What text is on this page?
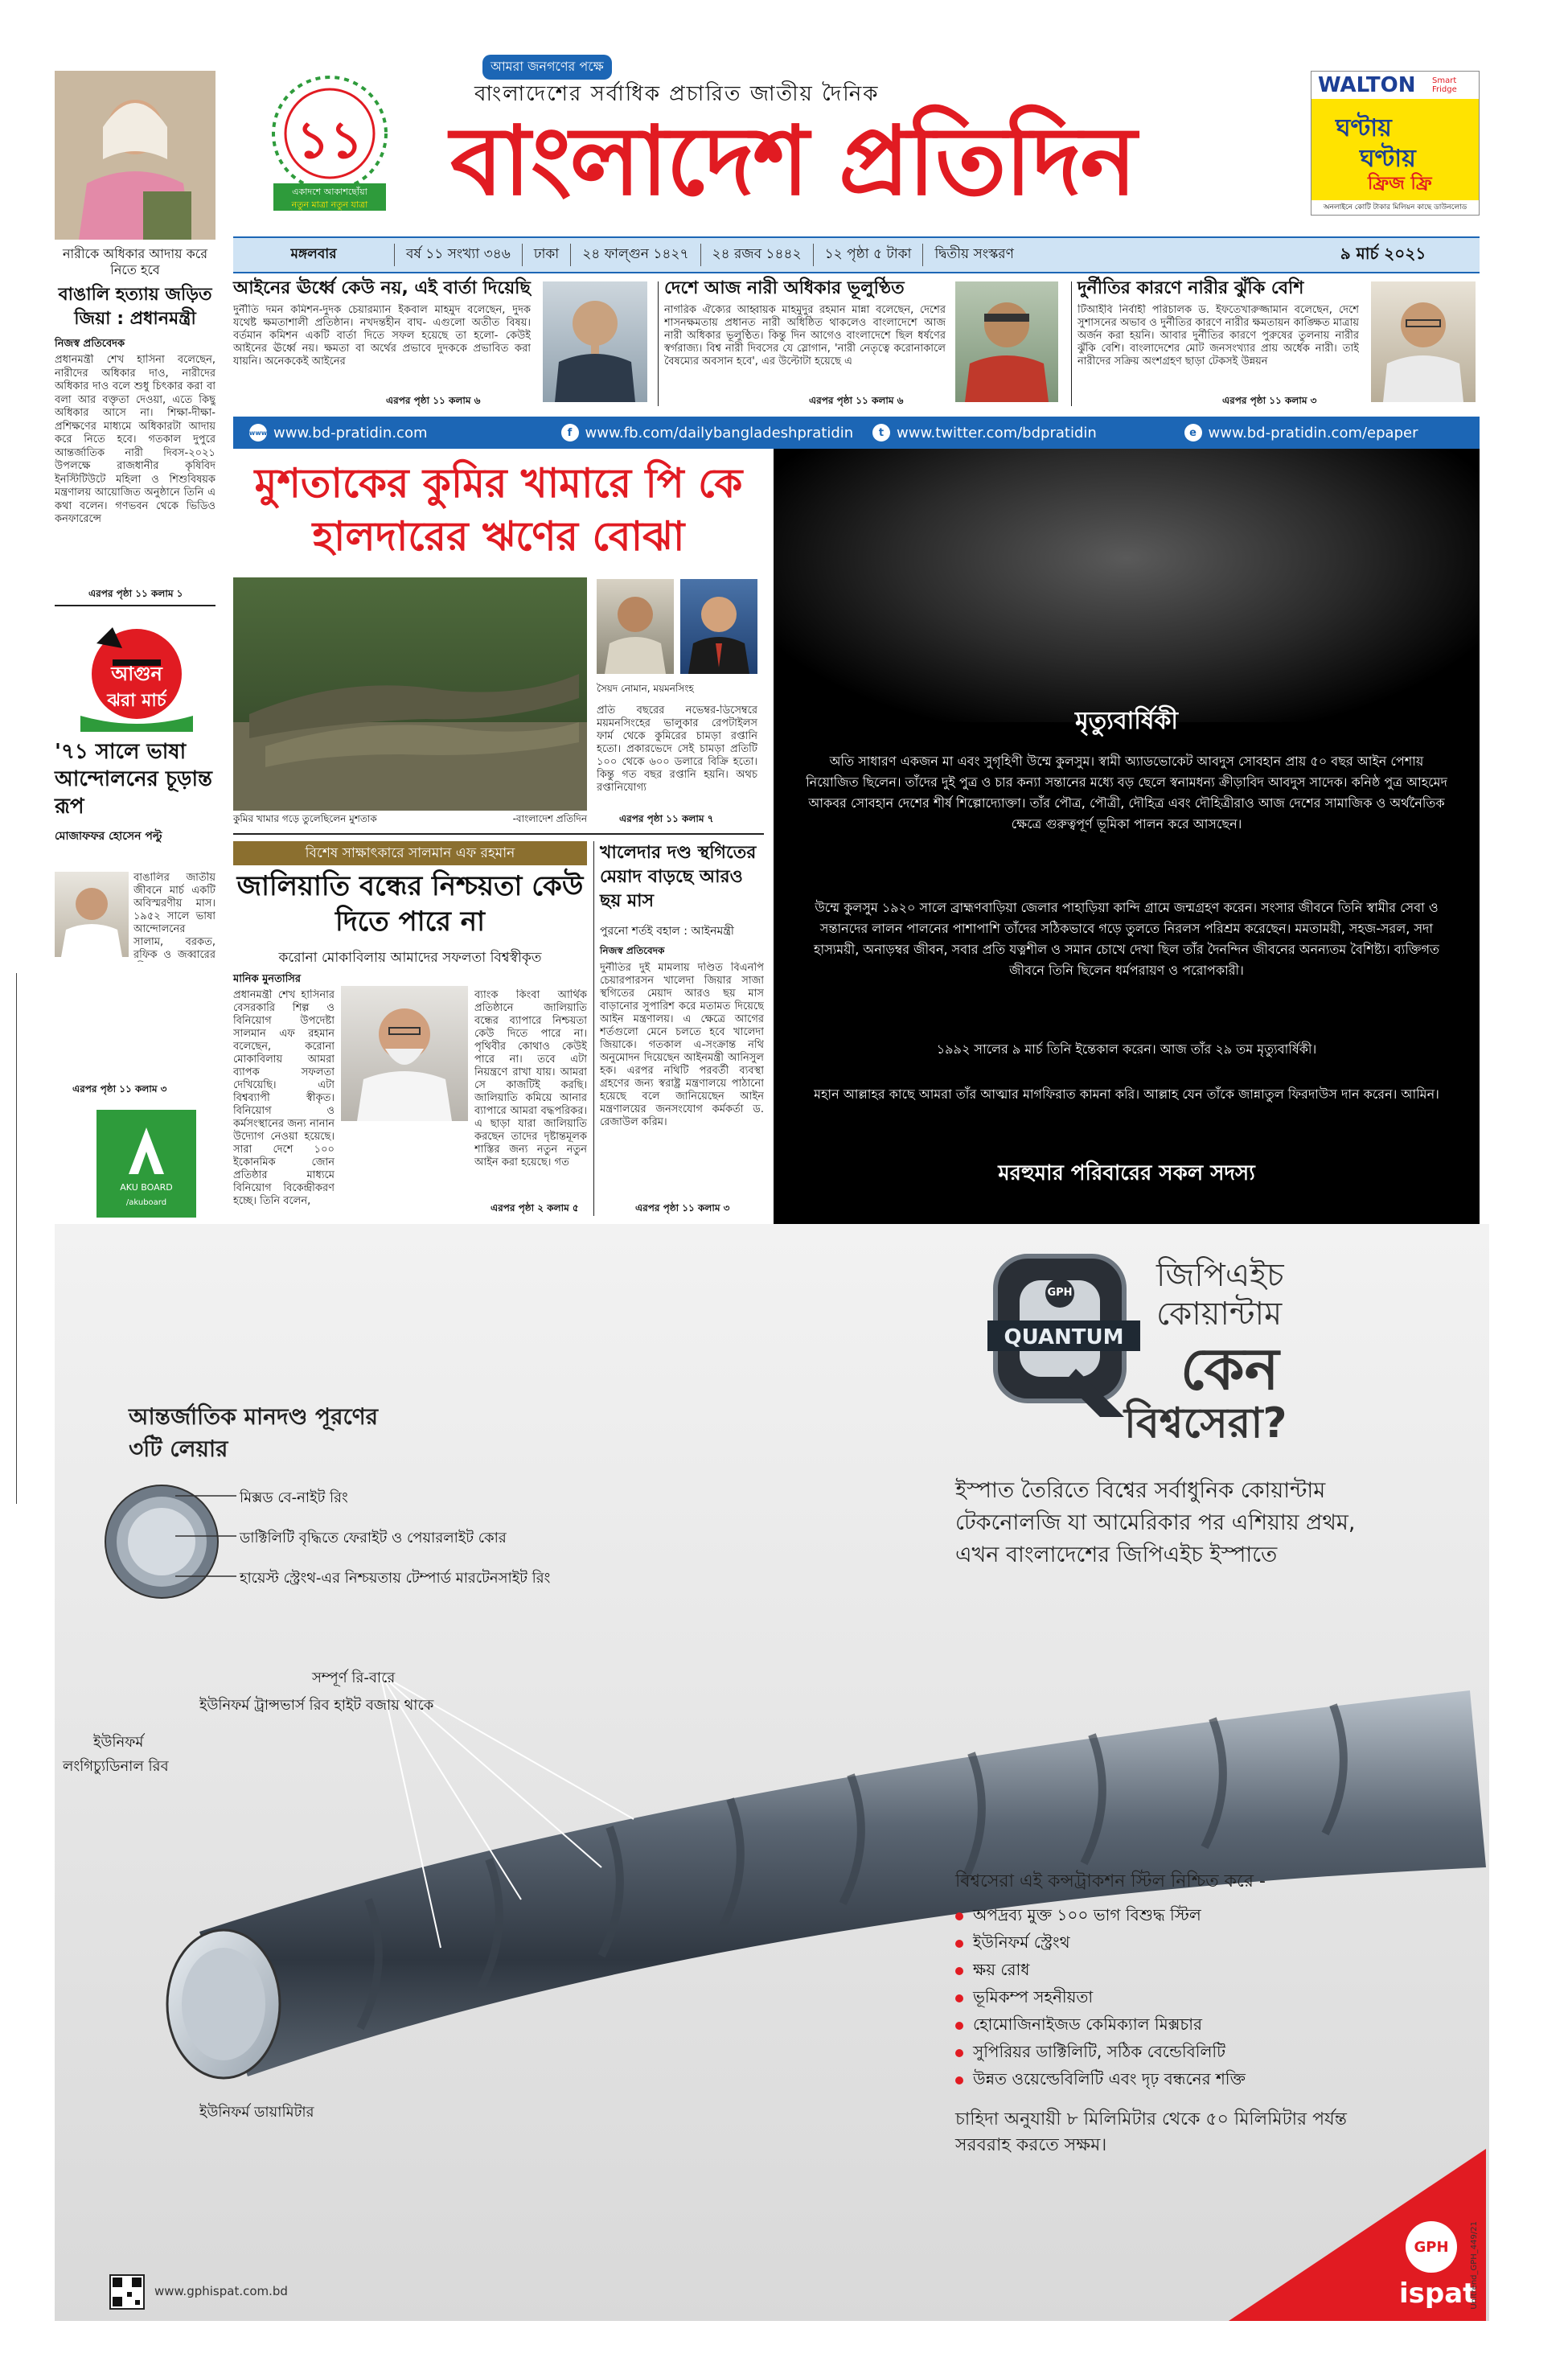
১১
একাদশে আকাশছোঁয়া
নতুন মাত্রা নতুন যাত্রা
আমরা জনগণের পক্ষে
বাংলাদেশের সর্বাধিক প্রচারিত জাতীয় দৈনিক
বাংলাদেশ প্রতিদিন
WALTON Smart Fridge
ঘণ্টায়
ঘণ্টায়
ফ্রিজ ফ্রি
অনলাইনে কোটি টাকার মিলিয়ন কাছে ডাউনলোড
মঙ্গলবার	বর্ষ ১১ সংখ্যা ৩৪৬	ঢাকা	২৪ ফাল্গুন ১৪২৭	২৪ রজব ১৪৪২	১২ পৃষ্ঠা ৫ টাকা	দ্বিতীয় সংস্করণ	৯ মার্চ ২০২১
আইনের ঊর্ধ্বে কেউ নয়, এই বার্তা দিয়েছি
দুর্নীতি দমন কমিশন-দুদক চেয়ারম্যান ইকবাল মাহমুদ বলেছেন, দুদক যথেষ্ট ক্ষমতাশালী প্রতিষ্ঠান। নখদন্তহীন বাঘ- এগুলো অতীত বিষয়। বর্তমান কমিশন একটি বার্তা দিতে সফল হয়েছে তা হলো- কেউই আইনের ঊর্ধ্বে নয়। ক্ষমতা বা অর্থের প্রভাবে দুদককে প্রভাবিত করা যায়নি। অনেককেই আইনের
এরপর পৃষ্ঠা ১১ কলাম ৬
দেশে আজ নারী অধিকার ভূলুণ্ঠিত
নাগরিক ঐক্যের আহ্বায়ক মাহমুদুর রহমান মান্না বলেছেন, দেশের শাসনক্ষমতায় প্রধানত নারী অধিষ্ঠিত থাকলেও বাংলাদেশে আজ নারী অধিকার ভূলুণ্ঠিত। কিন্তু দিন আগেও বাংলাদেশে ছিল ধর্ষণের স্বর্গরাজ্য। বিশ্ব নারী দিবসের যে স্লোগান, 'নারী নেতৃত্বে করোনাকালে বৈষম্যের অবসান হবে', এর উল্টোটা হয়েছে এ
এরপর পৃষ্ঠা ১১ কলাম ৬
দুর্নীতির কারণে নারীর ঝুঁকি বেশি
টিআইবি নির্বাহী পরিচালক ড. ইফতেখারুজ্জামান বলেছেন, দেশে সুশাসনের অভাব ও দুর্নীতির কারণে নারীর ক্ষমতায়ন কাঙ্ক্ষিত মাত্রায় অর্জন করা হয়নি। আবার দুর্নীতির কারণে পুরুষের তুলনায় নারীর ঝুঁকি বেশি। বাংলাদেশের মোট জনসংখ্যার প্রায় অর্ধেক নারী। তাই নারীদের সক্রিয় অংশগ্রহণ ছাড়া টেকসই উন্নয়ন
এরপর পৃষ্ঠা ১১ কলাম ৩
www www.bd-pratidin.com	f www.fb.com/dailybangladeshpratidin	t www.twitter.com/bdpratidin	e www.bd-pratidin.com/epaper
নারীকে অধিকার আদায় করে নিতে হবে
বাঙালি হত্যায় জড়িত জিয়া : প্রধানমন্ত্রী
নিজস্ব প্রতিবেদক
প্রধানমন্ত্রী শেখ হাসিনা বলেছেন, নারীদের অধিকার দাও, নারীদের অধিকার দাও বলে শুধু চিৎকার করা বা বলা আর বক্তৃতা দেওয়া, এতে কিছু অধিকার আসে না। শিক্ষা-দীক্ষা-প্রশিক্ষণের মাধ্যমে অধিকারটা আদায় করে নিতে হবে। গতকাল দুপুরে আন্তর্জাতিক নারী দিবস-২০২১ উপলক্ষে রাজধানীর কৃষিবিদ ইনস্টিটিউটে মহিলা ও শিশুবিষয়ক মন্ত্রণালয় আয়োজিত অনুষ্ঠানে তিনি এ কথা বলেন। গণভবন থেকে ভিডিও কনফারেন্সে
এরপর পৃষ্ঠা ১১ কলাম ১
আগুন
ঝরা মার্চ
'৭১ সালে ভাষা আন্দোলনের চূড়ান্ত রূপ
মোজাফফর হোসেন পল্টু
বাঙালির জাতীয় জীবনে মার্চ একটি অবিস্মরণীয় মাস। ১৯৫২ সালে ভাষা আন্দোলনের সালাম, বরকত, রফিক ও জব্বারের
এরপর পৃষ্ঠা ১১ কলাম ৩
AKU BOARD
/akuboard
মুশতাকের কুমির খামারে পি কে হালদারের ঋণের বোঝা
কুমির খামার গড়ে তুলেছিলেন মুশতাক	-বাংলাদেশ প্রতিদিন
সৈয়দ নোমান, ময়মনসিংহ
প্রতি বছরের নভেম্বর-ডিসেম্বরে ময়মনসিংহের ভালুকার রেপটাইলস ফার্ম থেকে কুমিরের চামড়া রপ্তানি হতো। প্রকারভেদে সেই চামড়া প্রতিটি ১০০ থেকে ৬০০ ডলারে বিক্রি হতো। কিন্তু গত বছর রপ্তানি হয়নি। অথচ রপ্তানিযোগ্য
এরপর পৃষ্ঠা ১১ কলাম ৭
বিশেষ সাক্ষাৎকারে সালমান এফ রহমান
জালিয়াতি বন্ধের নিশ্চয়তা কেউ দিতে পারে না
করোনা মোকাবিলায় আমাদের সফলতা বিশ্বস্বীকৃত
মানিক মুনতাসির
প্রধানমন্ত্রী শেখ হাসিনার বেসরকারি শিল্প ও বিনিয়োগ উপদেষ্টা সালমান এফ রহমান বলেছেন, করোনা মোকাবিলায় আমরা ব্যাপক সফলতা দেখিয়েছি। এটা বিশ্বব্যাপী স্বীকৃত। বিনিয়োগ ও কর্মসংস্থানের জন্য নানান উদ্যোগ নেওয়া হয়েছে। সারা দেশে ১০০ ইকোনমিক জোন প্রতিষ্ঠার মাধ্যমে বিনিয়োগ বিকেন্দ্রীকরণ হচ্ছে। তিনি বলেন,
ব্যাংক কিংবা আর্থিক প্রতিষ্ঠানে জালিয়াতি বন্ধের ব্যাপারে নিশ্চয়তা কেউ দিতে পারে না। পৃথিবীর কোথাও কেউই পারে না। তবে এটা নিয়ন্ত্রণে রাখা যায়। আমরা সে কাজটিই করছি। জালিয়াতি কমিয়ে আনার ব্যাপারে আমরা বদ্ধপরিকর। এ ছাড়া যারা জালিয়াতি করছেন তাদের দৃষ্টান্তমূলক শাস্তির জন্য নতুন নতুন আইন করা হয়েছে। গত
এরপর পৃষ্ঠা ২ কলাম ৫
খালেদার দণ্ড স্থগিতের মেয়াদ বাড়ছে আরও ছয় মাস
পুরনো শর্তই বহাল : আইনমন্ত্রী
নিজস্ব প্রতিবেদক
দুর্নীতির দুই মামলায় দণ্ডিত বিএনপি চেয়ারপারসন খালেদা জিয়ার সাজা স্থগিতের মেয়াদ আরও ছয় মাস বাড়ানোর সুপারিশ করে মতামত দিয়েছে আইন মন্ত্রণালয়। এ ক্ষেত্রে আগের শর্তগুলো মেনে চলতে হবে খালেদা জিয়াকে। গতকাল এ-সংক্রান্ত নথি অনুমোদন দিয়েছেন আইনমন্ত্রী আনিসুল হক। এরপর নথিটি পরবর্তী ব্যবস্থা গ্রহণের জন্য স্বরাষ্ট্র মন্ত্রণালয়ে পাঠানো হয়েছে বলে জানিয়েছেন আইন মন্ত্রণালয়ের জনসংযোগ কর্মকর্তা ড. রেজাউল করিম।
এরপর পৃষ্ঠা ১১ কলাম ৩
মৃত্যুবার্ষিকী
অতি সাধারণ একজন মা এবং সুগৃহিণী উম্মে কুলসুম। স্বামী অ্যাডভোকেট আবদুস সোবহান প্রায় ৫০ বছর আইন পেশায় নিয়োজিত ছিলেন। তাঁদের দুই পুত্র ও চার কন্যা সন্তানের মধ্যে বড় ছেলে স্বনামধন্য ক্রীড়াবিদ আবদুস সাদেক। কনিষ্ঠ পুত্র আহমেদ আকবর সোবহান দেশের শীর্ষ শিল্পোদ্যোক্তা। তাঁর পৌত্র, পৌত্রী, দৌহিত্র এবং দৌহিত্রীরাও আজ দেশের সামাজিক ও অর্থনৈতিক ক্ষেত্রে গুরুত্বপূর্ণ ভূমিকা পালন করে আসছেন।
উম্মে কুলসুম ১৯২০ সালে ব্রাহ্মণবাড়িয়া জেলার পাহাড়িয়া কান্দি গ্রামে জন্মগ্রহণ করেন। সংসার জীবনে তিনি স্বামীর সেবা ও সন্তানদের লালন পালনের পাশাপাশি তাঁদের সঠিকভাবে গড়ে তুলতে নিরলস পরিশ্রম করেছেন। মমতাময়ী, সহজ-সরল, সদা হাস্যময়ী, অনাড়ম্বর জীবন, সবার প্রতি যত্নশীল ও সমান চোখে দেখা ছিল তাঁর দৈনন্দিন জীবনের অনন্যতম বৈশিষ্ট্য। ব্যক্তিগত জীবনে তিনি ছিলেন ধর্মপরায়ণ ও পরোপকারী।
১৯৯২ সালের ৯ মার্চ তিনি ইন্তেকাল করেন। আজ তাঁর ২৯ তম মৃত্যুবার্ষিকী।
মহান আল্লাহর কাছে আমরা তাঁর আত্মার মাগফিরাত কামনা করি। আল্লাহ যেন তাঁকে জান্নাতুল ফিরদাউস দান করেন। আমিন।
মরহুমার পরিবারের সকল সদস্য
আন্তর্জাতিক মানদণ্ড পূরণের ৩টি লেয়ার
মিক্সড বে-নাইট রিং
ডাক্টিলিটি বৃদ্ধিতে ফেরাইট ও পেয়ারলাইট কোর
হায়েস্ট স্ট্রেংথ-এর নিশ্চয়তায় টেম্পার্ড মারটেনসাইট রিং
GPH
QUANTUM
জিপিএইচ
কোয়ান্টাম
কেন
বিশ্বসেরা?
ইস্পাত তৈরিতে বিশ্বের সর্বাধুনিক কোয়ান্টাম টেকনোলজি যা আমেরিকার পর এশিয়ায় প্রথম, এখন বাংলাদেশের জিপিএইচ ইস্পাতে
সম্পূর্ণ রি-বারে
ইউনিফর্ম ট্রান্সভার্স রিব হাইট বজায় থাকে
ইউনিফর্ম
লংগিচ্যুডিনাল রিব
ইউনিফর্ম ডায়ামিটার
বিশ্বসেরা এই কন্সট্রাকশন স্টিল নিশ্চিত করে -
অপদ্রব্য মুক্ত ১০০ ভাগ বিশুদ্ধ স্টিল
ইউনিফর্ম স্ট্রেংথ
ক্ষয় রোধ
ভূমিকম্প সহনীয়তা
হোমোজিনাইজড কেমিক্যাল মিক্সচার
সুপিরিয়র ডাক্টিলিটি, সঠিক বেন্ডেবিলিটি
উন্নত ওয়েল্ডেবিলিটি এবং দৃঢ় বন্ধনের শক্তি
চাহিদা অনুযায়ী ৮ মিলিমিটার থেকে ৫০ মিলিমিটার পর্যন্ত সরবরাহ করতে সক্ষম।
www.gphispat.com.bd
GPH
ispat
Unitrend_GPH_449/21
